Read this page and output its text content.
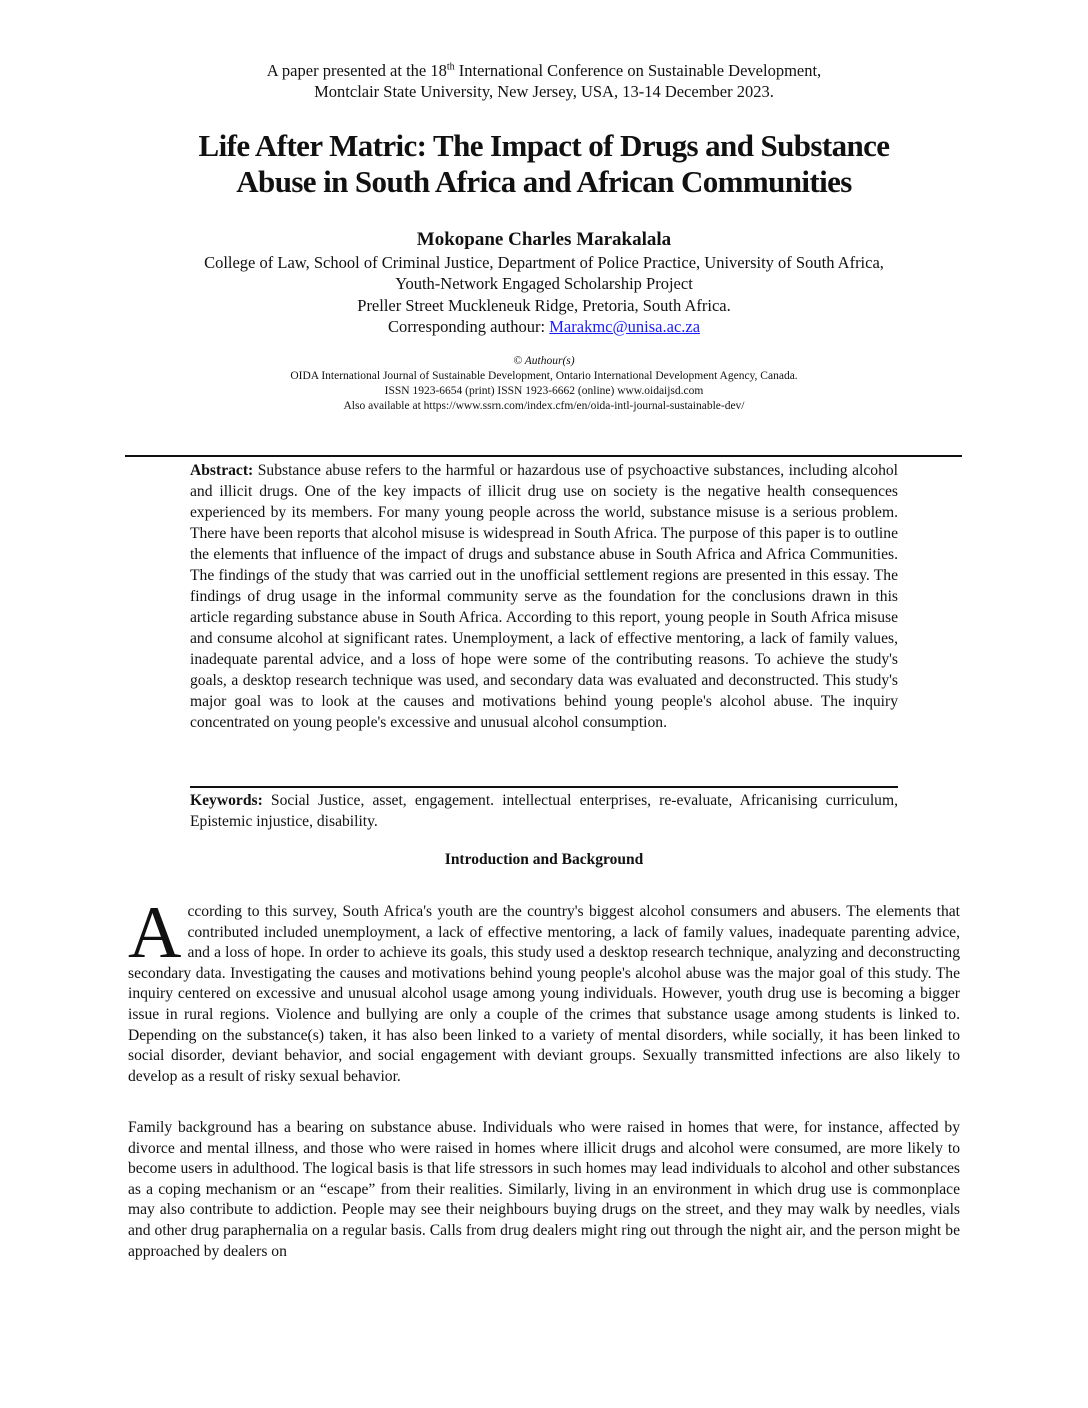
A paper presented at the 18th International Conference on Sustainable Development,
Montclair State University, New Jersey, USA, 13-14 December 2023.
Life After Matric: The Impact of Drugs and Substance
Abuse in South Africa and African Communities
Mokopane Charles Marakalala
College of Law, School of Criminal Justice, Department of Police Practice, University of South Africa,
Youth-Network Engaged Scholarship Project
Preller Street Muckleneuk Ridge, Pretoria, South Africa.
Corresponding authour: Marakmc@unisa.ac.za
© Authour(s)
OIDA International Journal of Sustainable Development, Ontario International Development Agency, Canada.
ISSN 1923-6654 (print) ISSN 1923-6662 (online) www.oidaijsd.com
Also available at https://www.ssrn.com/index.cfm/en/oida-intl-journal-sustainable-dev/
Abstract: Substance abuse refers to the harmful or hazardous use of psychoactive substances, including alcohol and illicit drugs. One of the key impacts of illicit drug use on society is the negative health consequences experienced by its members. For many young people across the world, substance misuse is a serious problem. There have been reports that alcohol misuse is widespread in South Africa. The purpose of this paper is to outline the elements that influence of the impact of drugs and substance abuse in South Africa and Africa Communities. The findings of the study that was carried out in the unofficial settlement regions are presented in this essay. The findings of drug usage in the informal community serve as the foundation for the conclusions drawn in this article regarding substance abuse in South Africa. According to this report, young people in South Africa misuse and consume alcohol at significant rates. Unemployment, a lack of effective mentoring, a lack of family values, inadequate parental advice, and a loss of hope were some of the contributing reasons. To achieve the study's goals, a desktop research technique was used, and secondary data was evaluated and deconstructed. This study's major goal was to look at the causes and motivations behind young people's alcohol abuse. The inquiry concentrated on young people's excessive and unusual alcohol consumption.
Keywords: Social Justice, asset, engagement. intellectual enterprises, re-evaluate, Africanising curriculum, Epistemic injustice, disability.
Introduction and Background
According to this survey, South Africa's youth are the country's biggest alcohol consumers and abusers. The elements that contributed included unemployment, a lack of effective mentoring, a lack of family values, inadequate parenting advice, and a loss of hope. In order to achieve its goals, this study used a desktop research technique, analyzing and deconstructing secondary data. Investigating the causes and motivations behind young people's alcohol abuse was the major goal of this study. The inquiry centered on excessive and unusual alcohol usage among young individuals. However, youth drug use is becoming a bigger issue in rural regions. Violence and bullying are only a couple of the crimes that substance usage among students is linked to. Depending on the substance(s) taken, it has also been linked to a variety of mental disorders, while socially, it has been linked to social disorder, deviant behavior, and social engagement with deviant groups. Sexually transmitted infections are also likely to develop as a result of risky sexual behavior.
Family background has a bearing on substance abuse. Individuals who were raised in homes that were, for instance, affected by divorce and mental illness, and those who were raised in homes where illicit drugs and alcohol were consumed, are more likely to become users in adulthood. The logical basis is that life stressors in such homes may lead individuals to alcohol and other substances as a coping mechanism or an “escape” from their realities. Similarly, living in an environment in which drug use is commonplace may also contribute to addiction. People may see their neighbours buying drugs on the street, and they may walk by needles, vials and other drug paraphernalia on a regular basis. Calls from drug dealers might ring out through the night air, and the person might be approached by dealers on
